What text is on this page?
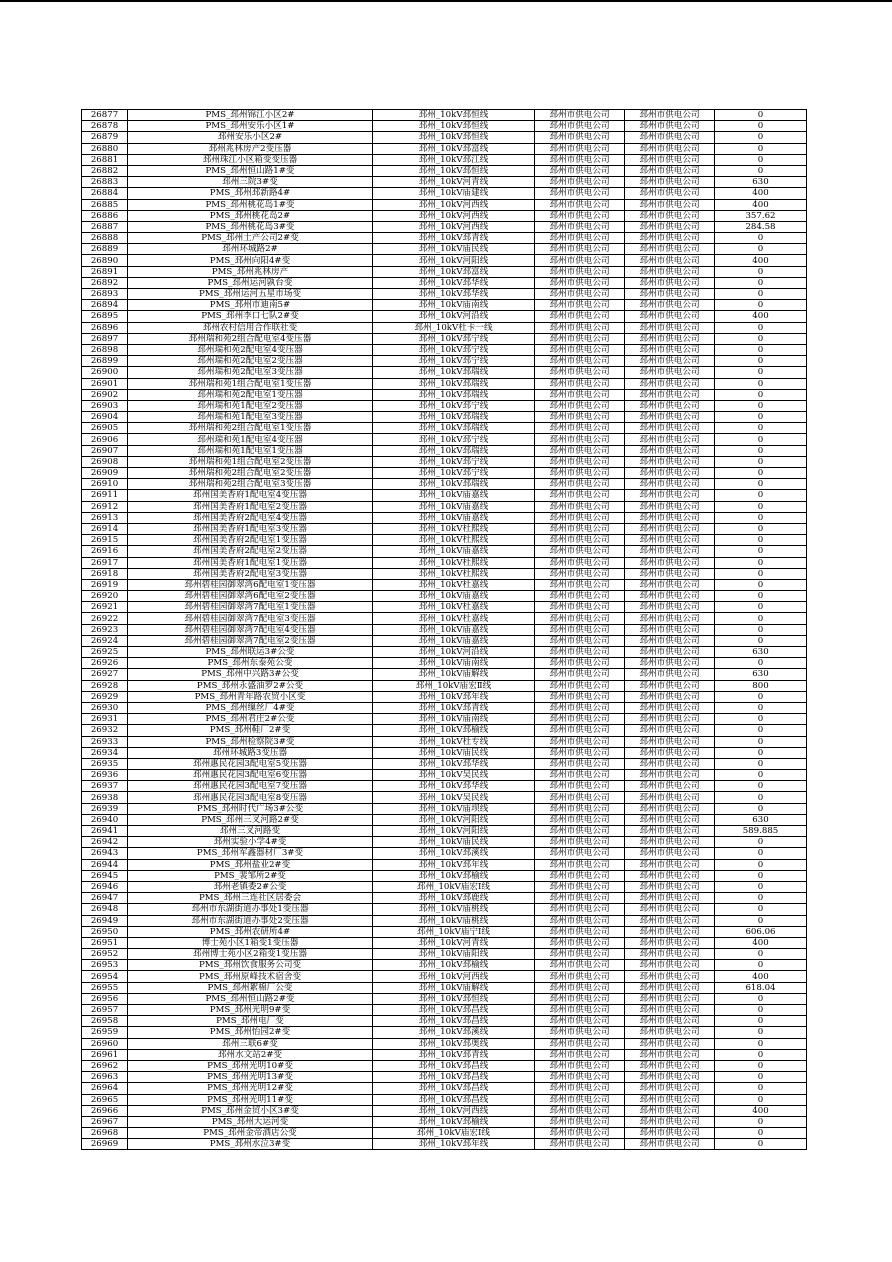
26877	PMS_邳州锦江小区2#	邳州_10kV邳恒线	邳州市供电公司	邳州市供电公司	0
26878	PMS_邳州安乐小区1#	邳州_10kV邳恒线	邳州市供电公司	邳州市供电公司	0
26879	邳州安乐小区2#	邳州_10kV邳恒线	邳州市供电公司	邳州市供电公司	0
26880	邳州兆林房产2变压器	邳州_10kV邳富线	邳州市供电公司	邳州市供电公司	0
26881	邳州珠江小区箱变变压器	邳州_10kV邳江线	邳州市供电公司	邳州市供电公司	0
26882	PMS_邳州恒山路1#变	邳州_10kV邳恒线	邳州市供电公司	邳州市供电公司	0
26883	邳州三院3#变	邳州_10kV河青线	邳州市供电公司	邳州市供电公司	630
26884	PMS_邳州邳新路4#	邳州_10kV庙建线	邳州市供电公司	邳州市供电公司	400
26885	PMS_邳州桃花岛1#变	邳州_10kV河西线	邳州市供电公司	邳州市供电公司	400
26886	PMS_邳州桃花岛2#	邳州_10kV河西线	邳州市供电公司	邳州市供电公司	357.62
26887	PMS_邳州桃花岛3#变	邳州_10kV河西线	邳州市供电公司	邳州市供电公司	284.58
26888	PMS_邳州土产公司2#变	邳州_10kV邳青线	邳州市供电公司	邳州市供电公司	0
26889	邳州环城路2#	邳州_10kV庙民线	邳州市供电公司	邳州市供电公司	0
26890	PMS_邳州向阳4#变	邳州_10kV河阳线	邳州市供电公司	邳州市供电公司	400
26891	PMS_邳州兆林房产	邳州_10kV邳富线	邳州市供电公司	邳州市供电公司	0
26892	PMS_邳州运河孰台变	邳州_10kV邳华线	邳州市供电公司	邳州市供电公司	0
26893	PMS_邳州运河五星市场变	邳州_10kV邳华线	邳州市供电公司	邳州市供电公司	0
26894	PMS_邳州市迪南5#	邳州_10kV庙南线	邳州市供电公司	邳州市供电公司	0
26895	PMS_邳州李口七队2#变	邳州_10kV河沿线	邳州市供电公司	邳州市供电公司	400
26896	邳州农村信用合作联社变	邳州_10kV杜卡一线	邳州市供电公司	邳州市供电公司	0
26897	邳州瑞和苑2组合配电室4变压器	邳州_10kV邳宁线	邳州市供电公司	邳州市供电公司	0
26898	邳州瑞和苑2配电室4变压器	邳州_10kV邳宁线	邳州市供电公司	邳州市供电公司	0
26899	邳州瑞和苑2配电室2变压器	邳州_10kV邳宁线	邳州市供电公司	邳州市供电公司	0
26900	邳州瑞和苑2配电室3变压器	邳州_10kV邳瑞线	邳州市供电公司	邳州市供电公司	0
26901	邳州瑞和苑1组合配电室1变压器	邳州_10kV邳瑞线	邳州市供电公司	邳州市供电公司	0
26902	邳州瑞和苑2配电室1变压器	邳州_10kV邳瑞线	邳州市供电公司	邳州市供电公司	0
26903	邳州瑞和苑1配电室2变压器	邳州_10kV邳宁线	邳州市供电公司	邳州市供电公司	0
26904	邳州瑞和苑1配电室3变压器	邳州_10kV邳瑞线	邳州市供电公司	邳州市供电公司	0
26905	邳州瑞和苑2组合配电室1变压器	邳州_10kV邳瑞线	邳州市供电公司	邳州市供电公司	0
26906	邳州瑞和苑1配电室4变压器	邳州_10kV邳宁线	邳州市供电公司	邳州市供电公司	0
26907	邳州瑞和苑1配电室1变压器	邳州_10kV邳瑞线	邳州市供电公司	邳州市供电公司	0
26908	邳州瑞和苑1组合配电室2变压器	邳州_10kV邳宁线	邳州市供电公司	邳州市供电公司	0
26909	邳州瑞和苑2组合配电室2变压器	邳州_10kV邳宁线	邳州市供电公司	邳州市供电公司	0
26910	邳州瑞和苑2组合配电室3变压器	邳州_10kV邳瑞线	邳州市供电公司	邳州市供电公司	0
26911	邳州国美香府1配电室4变压器	邳州_10kV庙嘉线	邳州市供电公司	邳州市供电公司	0
26912	邳州国美香府1配电室2变压器	邳州_10kV庙嘉线	邳州市供电公司	邳州市供电公司	0
26913	邳州国美香府2配电室4变压器	邳州_10kV庙嘉线	邳州市供电公司	邳州市供电公司	0
26914	邳州国美香府1配电室3变压器	邳州_10kV杜熙线	邳州市供电公司	邳州市供电公司	0
26915	邳州国美香府2配电室1变压器	邳州_10kV杜熙线	邳州市供电公司	邳州市供电公司	0
26916	邳州国美香府2配电室2变压器	邳州_10kV庙嘉线	邳州市供电公司	邳州市供电公司	0
26917	邳州国美香府1配电室1变压器	邳州_10kV杜熙线	邳州市供电公司	邳州市供电公司	0
26918	邳州国美香府2配电室3变压器	邳州_10kV杜熙线	邳州市供电公司	邳州市供电公司	0
26919	邳州碧桂园御翠湾6配电室1变压器	邳州_10kV杜嘉线	邳州市供电公司	邳州市供电公司	0
26920	邳州碧桂园御翠湾6配电室2变压器	邳州_10kV庙嘉线	邳州市供电公司	邳州市供电公司	0
26921	邳州碧桂园御翠湾7配电室1变压器	邳州_10kV杜嘉线	邳州市供电公司	邳州市供电公司	0
26922	邳州碧桂园御翠湾7配电室3变压器	邳州_10kV杜嘉线	邳州市供电公司	邳州市供电公司	0
26923	邳州碧桂园御翠湾7配电室4变压器	邳州_10kV庙嘉线	邳州市供电公司	邳州市供电公司	0
26924	邳州碧桂园御翠湾7配电室2变压器	邳州_10kV庙嘉线	邳州市供电公司	邳州市供电公司	0
26925	PMS_邳州联运3#公变	邳州_10kV河沿线	邳州市供电公司	邳州市供电公司	630
26926	PMS_邳州东泰苑公变	邳州_10kV庙南线	邳州市供电公司	邳州市供电公司	0
26927	PMS_邳州中兴路3#公变	邳州_10kV庙解线	邳州市供电公司	邳州市供电公司	630
26928	PMS_邳州永盛油罗2#公变	邳州_10kV庙宏Ⅱ线	邳州市供电公司	邳州市供电公司	800
26929	PMS_邳州青年路农贸小区变	邳州_10kV邳年线	邳州市供电公司	邳州市供电公司	0
26930	PMS_邳州缫丝厂4#变	邳州_10kV邳青线	邳州市供电公司	邳州市供电公司	0
26931	PMS_邳州君庄2#公变	邳州_10kV庙南线	邳州市供电公司	邳州市供电公司	0
26932	PMS_邳州鞋厂2#变	邳州_10kV邳榆线	邳州市供电公司	邳州市供电公司	0
26933	PMS_邳州检察院3#变	邳州_10kV杜专线	邳州市供电公司	邳州市供电公司	0
26934	邳州环城路3变压器	邳州_10kV庙民线	邳州市供电公司	邳州市供电公司	0
26935	邳州惠民花园3配电室5变压器	邳州_10kV邳华线	邳州市供电公司	邳州市供电公司	0
26936	邳州惠民花园3配电室6变压器	邳州_10kV吴民线	邳州市供电公司	邳州市供电公司	0
26937	邳州惠民花园3配电室7变压器	邳州_10kV邳华线	邳州市供电公司	邳州市供电公司	0
26938	邳州惠民花园3配电室8变压器	邳州_10kV吴民线	邳州市供电公司	邳州市供电公司	0
26939	PMS_邳州时代广场3#公变	邳州_10kV庙坝线	邳州市供电公司	邳州市供电公司	0
26940	PMS_邳州三叉河路2#变	邳州_10kV河阳线	邳州市供电公司	邳州市供电公司	630
26941	邳州三叉河路变	邳州_10kV河阳线	邳州市供电公司	邳州市供电公司	589.885
26942	邳州实验小学4#变	邳州_10kV庙民线	邳州市供电公司	邳州市供电公司	0
26943	PMS_邳州军鑫器材厂3#变	邳州_10kV邳溪线	邳州市供电公司	邳州市供电公司	0
26944	PMS_邳州盐业2#变	邳州_10kV邳年线	邳州市供电公司	邳州市供电公司	0
26945	PMS_裴邹所2#变	邳州_10kV邳榆线	邳州市供电公司	邳州市供电公司	0
26946	邳州老镇委2#公变	邳州_10kV庙宏Ⅰ线	邳州市供电公司	邳州市供电公司	0
26947	PMS_邳州三连社区居委会	邳州_10kV邳鹿线	邳州市供电公司	邳州市供电公司	0
26948	邳州市东湖街道办事处1变压器	邳州_10kV庙桃线	邳州市供电公司	邳州市供电公司	0
26949	邳州市东湖街道办事处2变压器	邳州_10kV庙桃线	邳州市供电公司	邳州市供电公司	0
26950	PMS_邳州农研所4#	邳州_10kV庙宁Ⅰ线	邳州市供电公司	邳州市供电公司	606.06
26951	博士苑小区1箱变1变压器	邳州_10kV河青线	邳州市供电公司	邳州市供电公司	400
26952	邳州博士苑小区2箱变1变压器	邳州_10kV庙阳线	邳州市供电公司	邳州市供电公司	0
26953	PMS_邳州饮食服务公司变	邳州_10kV邳榆线	邳州市供电公司	邳州市供电公司	0
26954	PMS_邳州原峰技术宿舍变	邳州_10kV河西线	邳州市供电公司	邳州市供电公司	400
26955	PMS_邳州絮棉厂公变	邳州_10kV庙解线	邳州市供电公司	邳州市供电公司	618.04
26956	PMS_邳州恒山路2#变	邳州_10kV邳恒线	邳州市供电公司	邳州市供电公司	0
26957	PMS_邳州光明9#变	邳州_10kV邳昌线	邳州市供电公司	邳州市供电公司	0
26958	PMS_邳州电厂变	邳州_10kV邳昌线	邳州市供电公司	邳州市供电公司	0
26959	PMS_邳州怡园2#变	邳州_10kV邳溪线	邳州市供电公司	邳州市供电公司	0
26960	邳州三联6#变	邳州_10kV邳奥线	邳州市供电公司	邳州市供电公司	0
26961	邳州水文站2#变	邳州_10kV邳青线	邳州市供电公司	邳州市供电公司	0
26962	PMS_邳州光明10#变	邳州_10kV邳昌线	邳州市供电公司	邳州市供电公司	0
26963	PMS_邳州光明13#变	邳州_10kV邳昌线	邳州市供电公司	邳州市供电公司	0
26964	PMS_邳州光明12#变	邳州_10kV邳昌线	邳州市供电公司	邳州市供电公司	0
26965	PMS_邳州光明11#变	邳州_10kV邳昌线	邳州市供电公司	邳州市供电公司	0
26966	PMS_邳州金贸小区3#变	邳州_10kV河西线	邳州市供电公司	邳州市供电公司	400
26967	PMS_邳州大运河变	邳州_10kV邳榆线	邳州市供电公司	邳州市供电公司	0
26968	PMS_邳州金帝酒店公变	邳州_10kV庙宏Ⅰ线	邳州市供电公司	邳州市供电公司	0
26969	PMS_邳州水泣3#变	邳州_10kV邳年线	邳州市供电公司	邳州市供电公司	0
